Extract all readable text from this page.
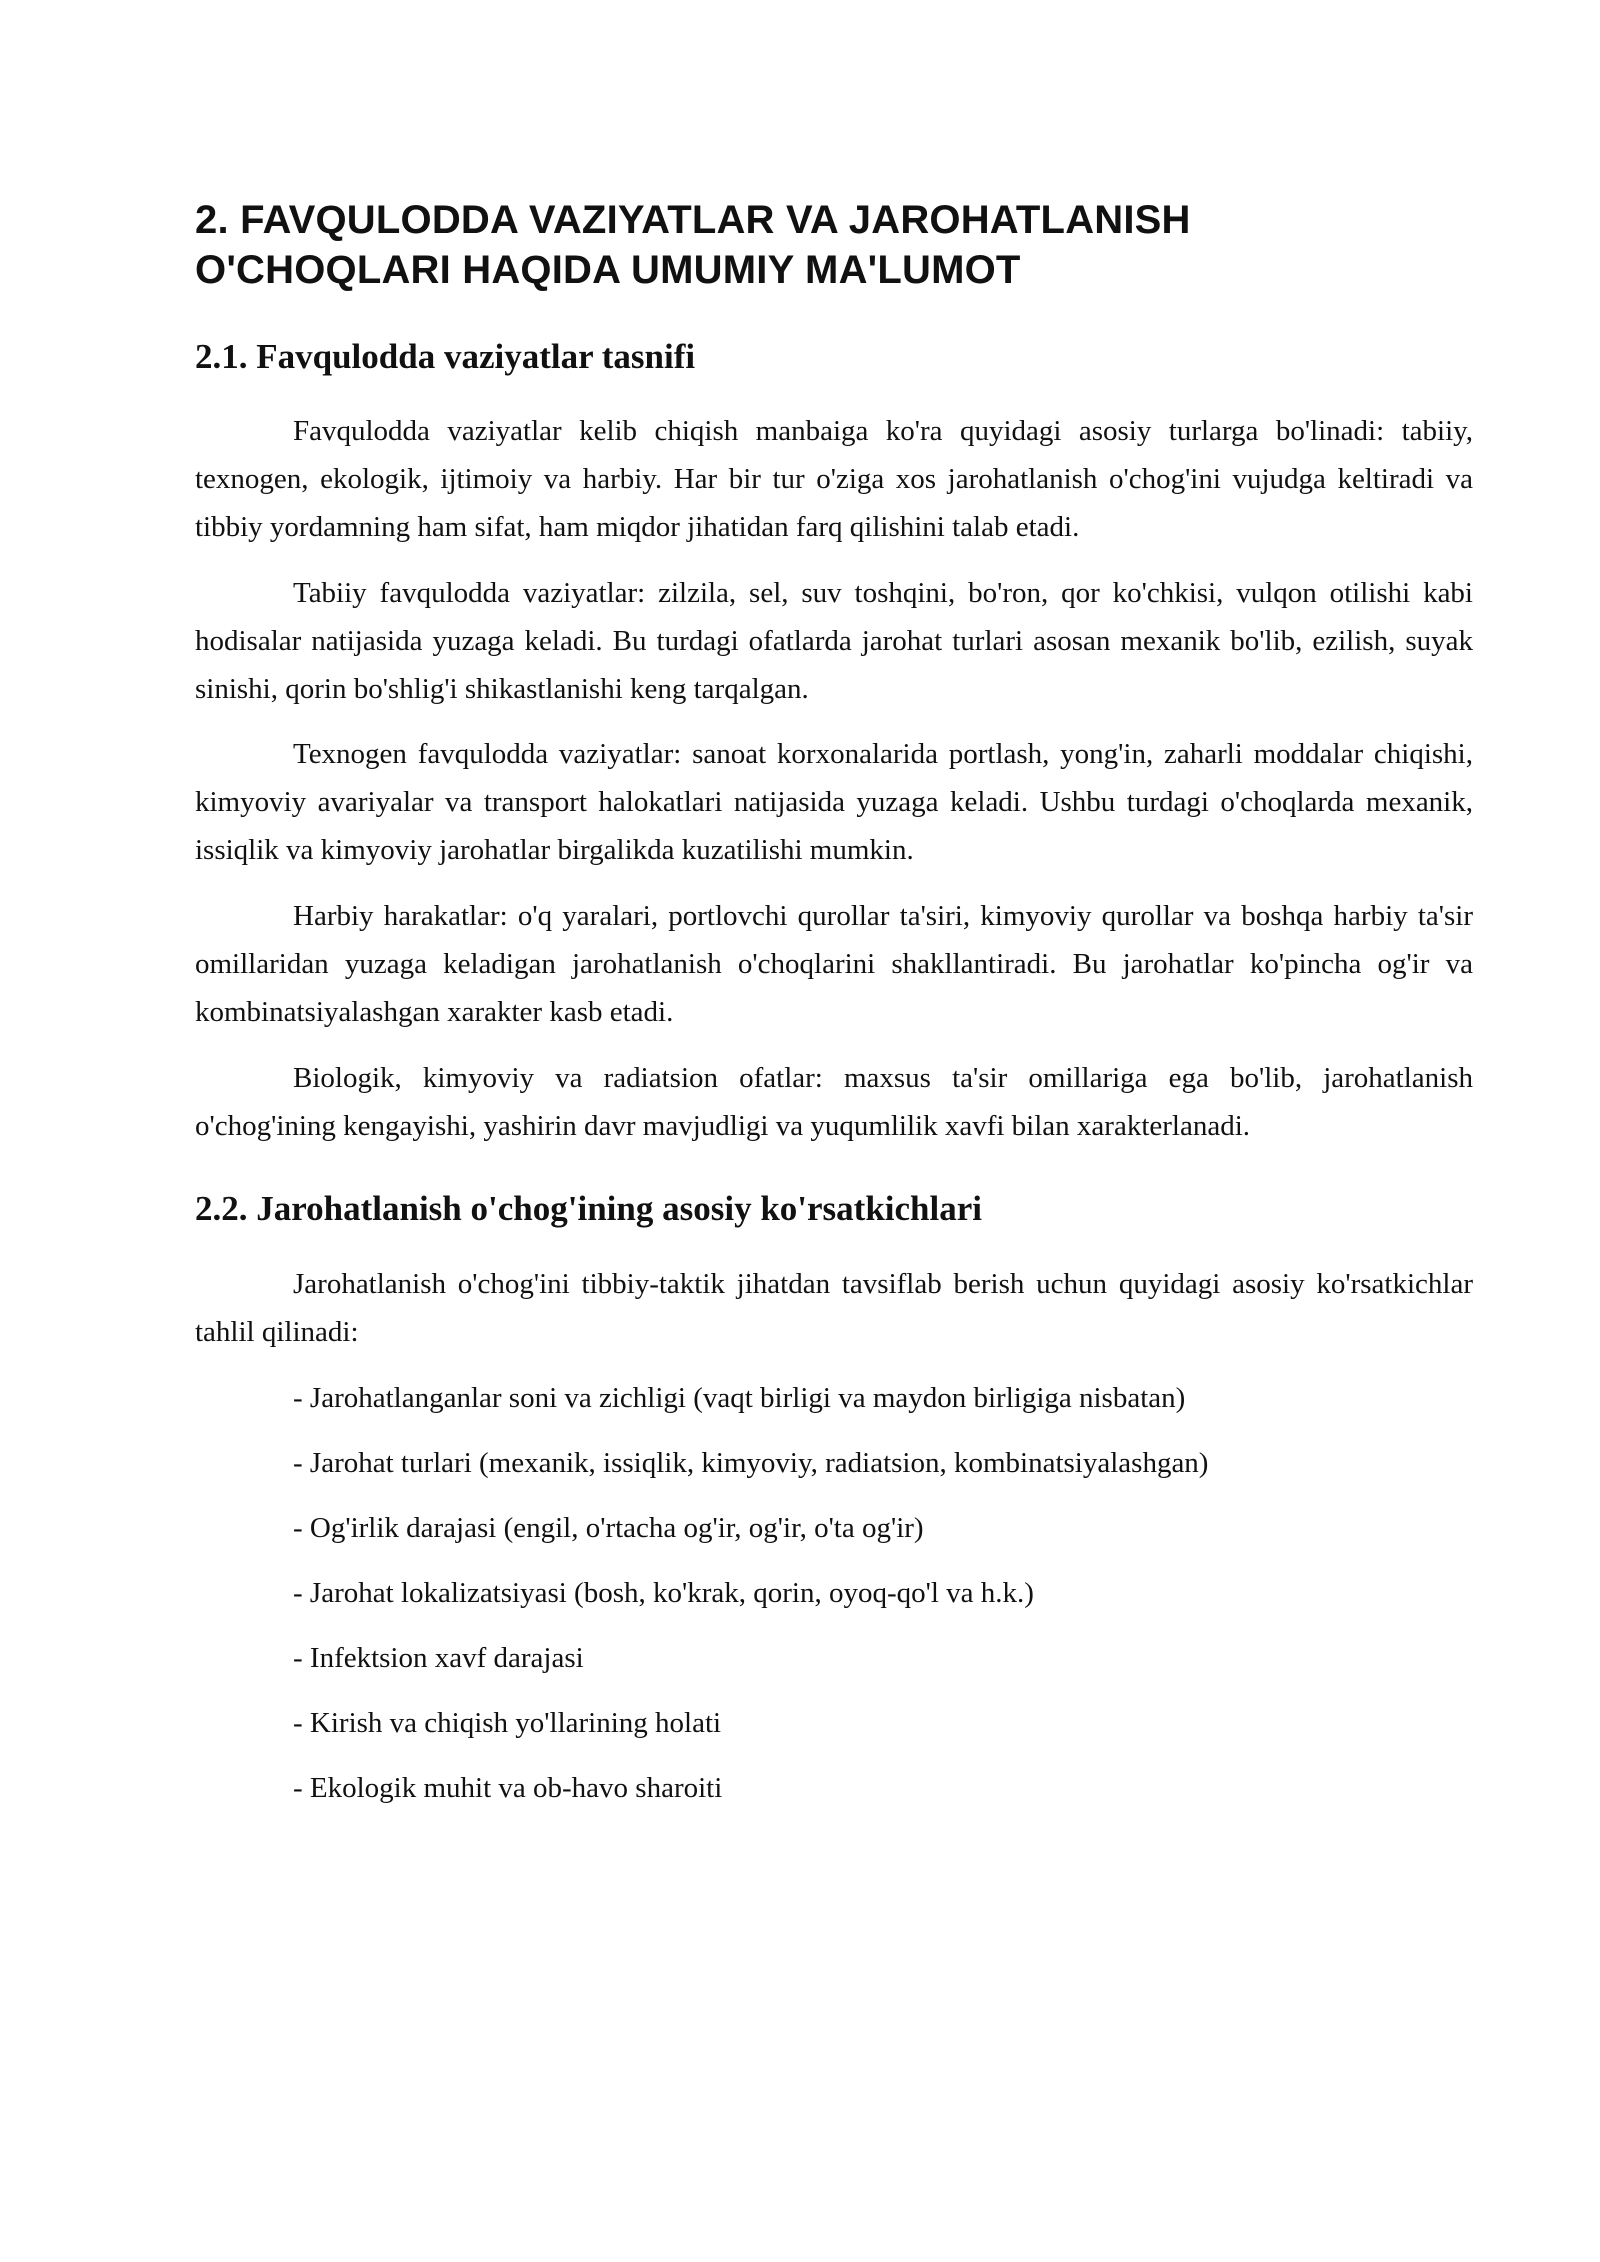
2. FAVQULODDA VAZIYATLAR VA JAROHATLANISH
O'CHOQLARI HAQIDA UMUMIY MA'LUMOT
2.1. Favqulodda vaziyatlar tasnifi

Favqulodda vaziyatlar kelib chiqish manbaiga ko'ra quyidagi asosiy turlarga bo'linadi: tabiiy, texnogen, ekologik, ijtimoiy va harbiy. Har bir tur o'ziga xos jarohatlanish o'chog'ini vujudga keltiradi va tibbiy yordamning ham sifat, ham miqdor jihatidan farq qilishini talab etadi.

Tabiiy favqulodda vaziyatlar: zilzila, sel, suv toshqini, bo'ron, qor ko'chkisi, vulqon otilishi kabi hodisalar natijasida yuzaga keladi. Bu turdagi ofatlarda jarohat turlari asosan mexanik bo'lib, ezilish, suyak sinishi, qorin bo'shlig'i shikastlanishi keng tarqalgan.

Texnogen favqulodda vaziyatlar: sanoat korxonalarida portlash, yong'in, zaharli moddalar chiqishi, kimyoviy avariyalar va transport halokatlari natijasida yuzaga keladi. Ushbu turdagi o'choqlarda mexanik, issiqlik va kimyoviy jarohatlar birgalikda kuzatilishi mumkin.

Harbiy harakatlar: o'q yaralari, portlovchi qurollar ta'siri, kimyoviy qurollar va boshqa harbiy ta'sir omillaridan yuzaga keladigan jarohatlanish o'choqlarini shakllantiradi. Bu jarohatlar ko'pincha og'ir va kombinatsiyalashgan xarakter kasb etadi.

Biologik, kimyoviy va radiatsion ofatlar: maxsus ta'sir omillariga ega bo'lib, jarohatlanish o'chog'ining kengayishi, yashirin davr mavjudligi va yuqumlilik xavfi bilan xarakterlanadi.

2.2. Jarohatlanish o'chog'ining asosiy ko'rsatkichlari

Jarohatlanish o'chog'ini tibbiy-taktik jihatdan tavsiflab berish uchun quyidagi asosiy ko'rsatkichlar tahlil qilinadi:

- Jarohatlanganlar soni va zichligi (vaqt birligi va maydon birligiga nisbatan)
- Jarohat turlari (mexanik, issiqlik, kimyoviy, radiatsion, kombinatsiyalashgan)
- Og'irlik darajasi (engil, o'rtacha og'ir, og'ir, o'ta og'ir)
- Jarohat lokalizatsiyasi (bosh, ko'krak, qorin, oyoq-qo'l va h.k.)
- Infektsion xavf darajasi
- Kirish va chiqish yo'llarining holati
- Ekologik muhit va ob-havo sharoiti
